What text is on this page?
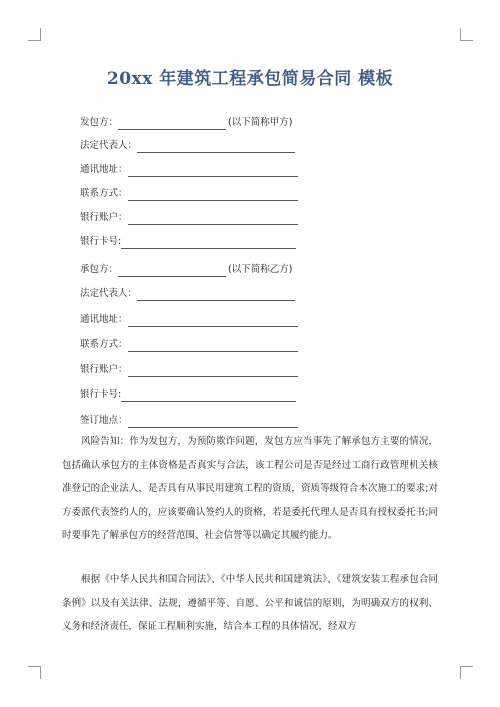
20xx 年建筑工程承包简易合同 模板
发包方：	(以下简称甲方)
法定代表人：
通讯地址：
联系方式：
银行账户：
银行卡号:
承包方：	(以下简称乙方)
法定代表人：
通讯地址：
联系方式：
银行账户：
银行卡号:
签订地点：

风险告知：作为发包方，为预防欺诈问题，发包方应当事先了解承包方主要的情况，包括确认承包方的主体资格是否真实与合法，该工程公司是否是经过工商行政管理机关核准登记的企业法人，是否具有从事民用建筑工程的资质，资质等级符合本次施工的要求;对方委派代表签约人的，应该要确认签约人的资格，若是委托代理人是否具有授权委托书;同时要事先了解承包方的经营范围、社会信誉等以确定其履约能力。

根据《中华人民共和国合同法》、《中华人民共和国建筑法》、《建筑安装工程承包合同条例》以及有关法律、法规，遵循平等、自愿、公平和诚信的原则，为明确双方的权利、义务和经济责任，保证工程顺利实施，结合本工程的具体情况，经双方
